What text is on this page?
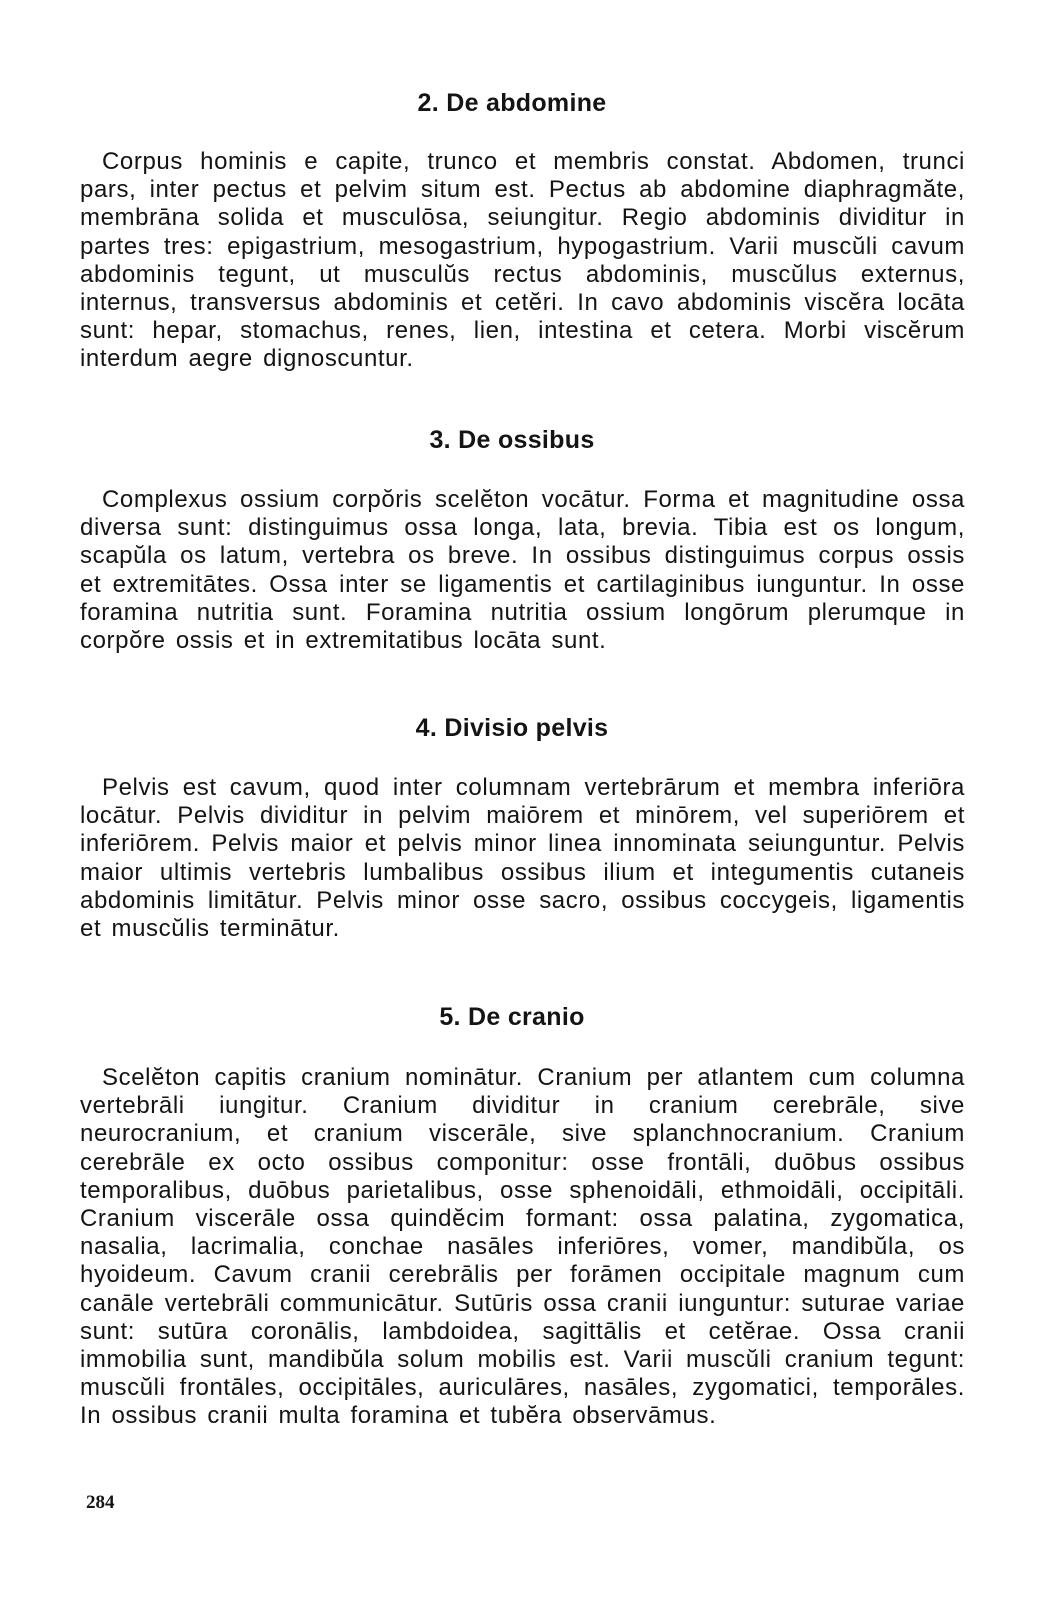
2. De abdomine

Corpus hominis e capite, trunco et membris constat. Abdomen, trunci pars, inter pectus et pelvim situm est. Pectus ab abdomine diaphragmăte, membrāna solida et musculōsa, seiungitur. Regio abdominis dividitur in partes tres: epigastrium, mesogastrium, hypogastrium. Varii muscŭli cavum abdominis tegunt, ut musculŭs rectus abdominis, muscŭlus externus, internus, transversus abdominis et cetĕri. In cavo abdominis viscĕra locāta sunt: hepar, stomachus, renes, lien, intestina et cetera. Morbi viscĕrum interdum aegre dignoscuntur.

3. De ossibus

Complexus ossium corpŏris scelĕton vocātur. Forma et magnitudine ossa diversa sunt: distinguimus ossa longa, lata, brevia. Tibia est os longum, scapŭla os latum, vertebra os breve. In ossibus distinguimus corpus ossis et extremitātes. Ossa inter se ligamentis et cartilaginibus iunguntur. In osse foramina nutritia sunt. Foramina nutritia ossium longōrum plerumque in corpŏre ossis et in extremitatibus locāta sunt.

4. Divisio pelvis

Pelvis est cavum, quod inter columnam vertebrārum et membra inferiōra locātur. Pelvis dividitur in pelvim maiōrem et minōrem, vel superiōrem et inferiōrem. Pelvis maior et pelvis minor linea innominata seiunguntur. Pelvis maior ultimis vertebris lumbalibus ossibus ilium et integumentis cutaneis abdominis limitātur. Pelvis minor osse sacro, ossibus coccygeis, ligamentis et muscŭlis terminātur.

5. De cranio

Scelĕton capitis cranium nominātur. Cranium per atlantem cum columna vertebrāli iungitur. Cranium dividitur in cranium cerebrāle, sive neurocranium, et cranium viscerāle, sive splanchnocranium. Cranium cerebrāle ex octo ossibus componitur: osse frontāli, duōbus ossibus temporalibus, duōbus parietalibus, osse sphenoidāli, ethmoidāli, occipitāli. Cranium viscerāle ossa quindĕcim formant: ossa palatina, zygomatica, nasalia, lacrimalia, conchae nasāles inferiōres, vomer, mandibŭla, os hyoideum. Cavum cranii cerebrālis per forāmen occipitale magnum cum canāle vertebrāli communicātur. Sutūris ossa cranii iunguntur: suturae variae sunt: sutūra coronālis, lambdoidea, sagittālis et cetĕrae. Ossa cranii immobilia sunt, mandibŭla solum mobilis est. Varii muscŭli cranium tegunt: muscŭli frontāles, occipitāles, auriculāres, nasāles, zygomatici, temporāles. In ossibus cranii multa foramina et tubĕra observāmus.

284
